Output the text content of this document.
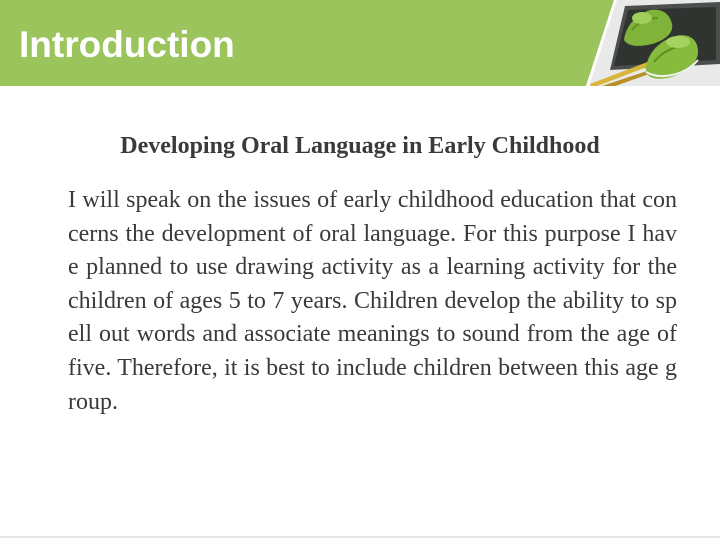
Introduction
Developing Oral Language in Early Childhood

I will speak on the issues of early childhood education that concerns the development of oral language. For this purpose I have planned to use drawing activity as a learning activity for the children of ages 5 to 7 years. Children develop the ability to spell out words and associate meanings to sound from the age of five. Therefore, it is best to include children between this age group.
